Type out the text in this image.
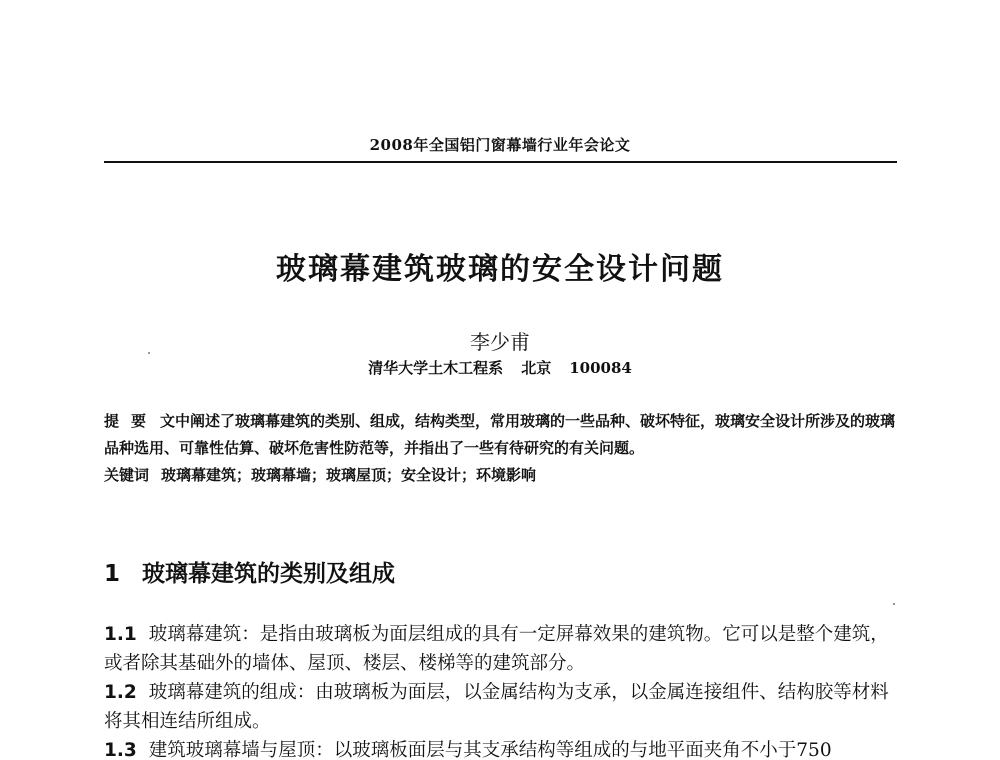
2008年全国铝门窗幕墙行业年会论文
玻璃幕建筑玻璃的安全设计问题
李少甫
清华大学土木工程系 北京 100084

提要 文中阐述了玻璃幕建筑的类别、组成，结构类型，常用玻璃的一些品种、破坏特征，玻璃安全设计所涉及的玻璃品种选用、可靠性估算、破坏危害性防范等，并指出了一些有待研究的有关问题。

关键词 玻璃幕建筑；玻璃幕墙；玻璃屋顶；安全设计；环境影响

1 玻璃幕建筑的类别及组成

1.1 玻璃幕建筑：是指由玻璃板为面层组成的具有一定屏幕效果的建筑物。它可以是整个建筑，或者除其基础外的墙体、屋顶、楼层、楼梯等的建筑部分。

1.2 玻璃幕建筑的组成：由玻璃板为面层，以金属结构为支承，以金属连接组件、结构胶等材料将其相连结所组成。

1.3 建筑玻璃幕墙与屋顶：以玻璃板面层与其支承结构等组成的与地平面夹角不小于750
